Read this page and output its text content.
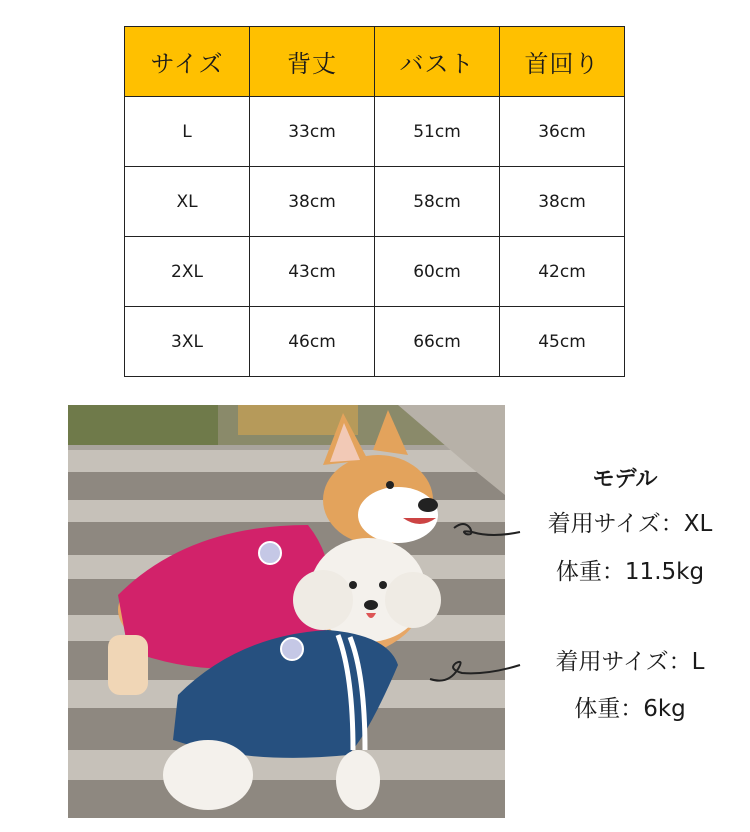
サイズ	背丈	バスト	首回り
L	33cm	51cm	36cm
XL	38cm	58cm	38cm
2XL	43cm	60cm	42cm
3XL	46cm	66cm	45cm
モデル
着用サイズ：XL
体重：11.5kg
着用サイズ：L
体重：6kg
